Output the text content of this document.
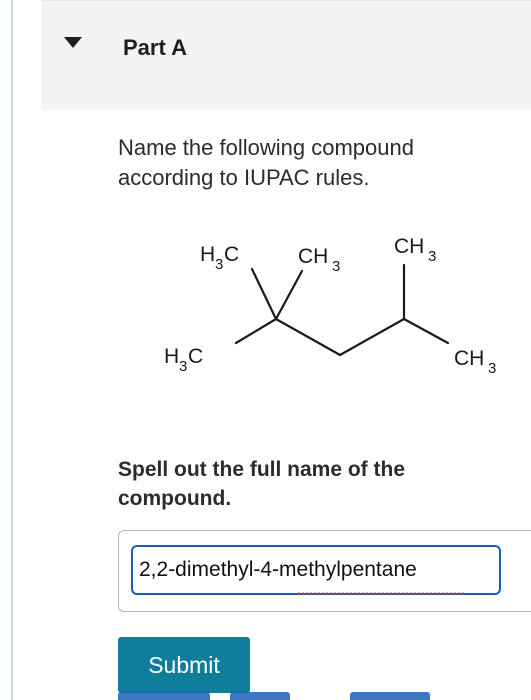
Part A
Name the following compound according to IUPAC rules.
H 3 C	CH 3
CH 3
H 3 C	CH 3
Spell out the full name of the compound.
2,2-dimethyl-4-methylpentane
Submit
